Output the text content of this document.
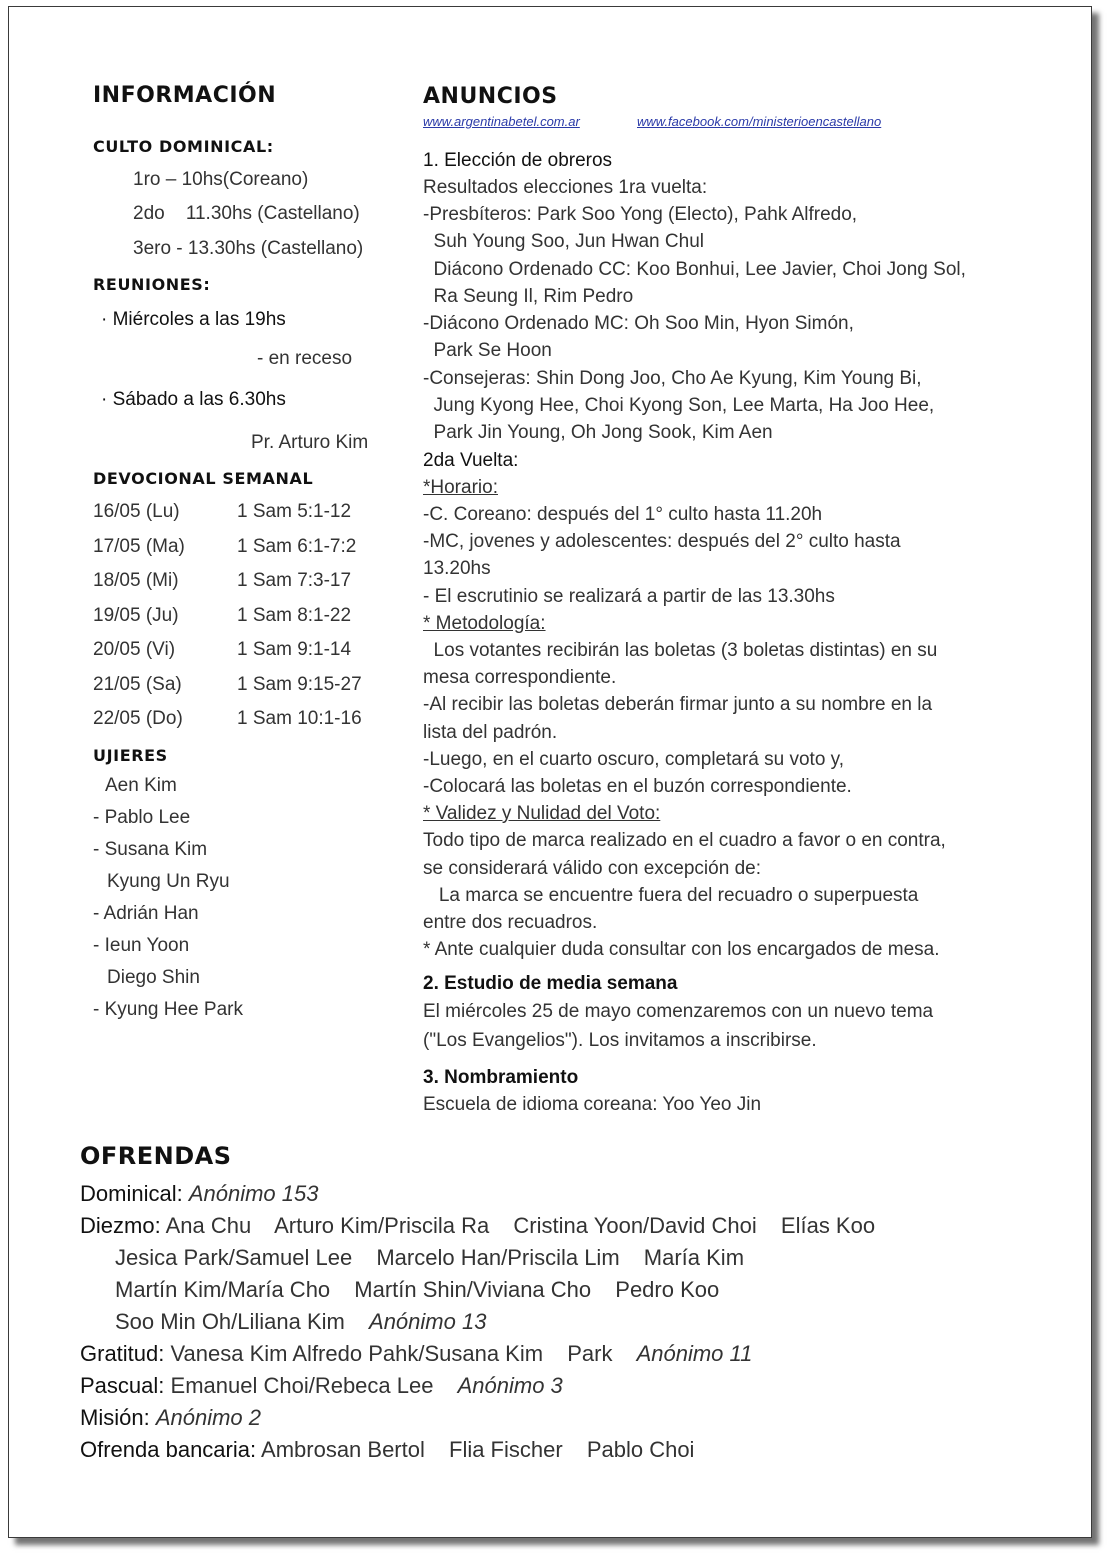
INFORMACIÓN
CULTO DOMINICAL:
1ro – 10hs(Coreano)
2do    11.30hs (Castellano)
3ero - 13.30hs (Castellano)
REUNIONES:
· Miércoles a las 19hs
- en receso
· Sábado a las 6.30hs
Pr. Arturo Kim
DEVOCIONAL SEMANAL
16/05 (Lu)	1 Sam 5:1-12
17/05 (Ma)	1 Sam 6:1-7:2
18/05 (Mi)	1 Sam 7:3-17
19/05 (Ju)	1 Sam 8:1-22
20/05 (Vi)	1 Sam 9:1-14
21/05 (Sa)	1 Sam 9:15-27
22/05 (Do)	1 Sam 10:1-16
UJIERES
Aen Kim
- Pablo Lee
- Susana Kim
Kyung Un Ryu
- Adrián Han
- Ieun Yoon
Diego Shin
- Kyung Hee Park
ANUNCIOS
www.argentinabetel.com.ar	www.facebook.com/ministerioencastellano
1. Elección de obreros
Resultados elecciones 1ra vuelta:
-Presbíteros: Park Soo Yong (Electo), Pahk Alfredo,
Suh Young Soo, Jun Hwan Chul
Diácono Ordenado CC: Koo Bonhui, Lee Javier, Choi Jong Sol,
Ra Seung Il, Rim Pedro
-Diácono Ordenado MC: Oh Soo Min, Hyon Simón,
Park Se Hoon
-Consejeras: Shin Dong Joo, Cho Ae Kyung, Kim Young Bi,
Jung Kyong Hee, Choi Kyong Son, Lee Marta, Ha Joo Hee,
Park Jin Young, Oh Jong Sook, Kim Aen
2da Vuelta:
*Horario:
-C. Coreano: después del 1° culto hasta 11.20h
-MC, jovenes y adolescentes: después del 2° culto hasta
13.20hs
- El escrutinio se realizará a partir de las 13.30hs
* Metodología:
Los votantes recibirán las boletas (3 boletas distintas) en su
mesa correspondiente.
-Al recibir las boletas deberán firmar junto a su nombre en la
lista del padrón.
-Luego, en el cuarto oscuro, completará su voto y,
-Colocará las boletas en el buzón correspondiente.
* Validez y Nulidad del Voto:
Todo tipo de marca realizado en el cuadro a favor o en contra,
se considerará válido con excepción de:
La marca se encuentre fuera del recuadro o superpuesta
entre dos recuadros.
* Ante cualquier duda consultar con los encargados de mesa.
2. Estudio de media semana
El miércoles 25 de mayo comenzaremos con un nuevo tema
("Los Evangelios"). Los invitamos a inscribirse.
3. Nombramiento
Escuela de idioma coreana: Yoo Yeo Jin
OFRENDAS
Dominical: Anónimo 153
Diezmo: Ana Chu Arturo Kim/Priscila Ra Cristina Yoon/David Choi Elías Koo
Jesica Park/Samuel Lee Marcelo Han/Priscila Lim María Kim
Martín Kim/María Cho Martín Shin/Viviana Cho Pedro Koo
Soo Min Oh/Liliana Kim Anónimo 13
Gratitud: Vanesa Kim Alfredo Pahk/Susana Kim Park Anónimo 11
Pascual: Emanuel Choi/Rebeca Lee Anónimo 3
Misión: Anónimo 2
Ofrenda bancaria: Ambrosan Bertol Flia Fischer Pablo Choi
